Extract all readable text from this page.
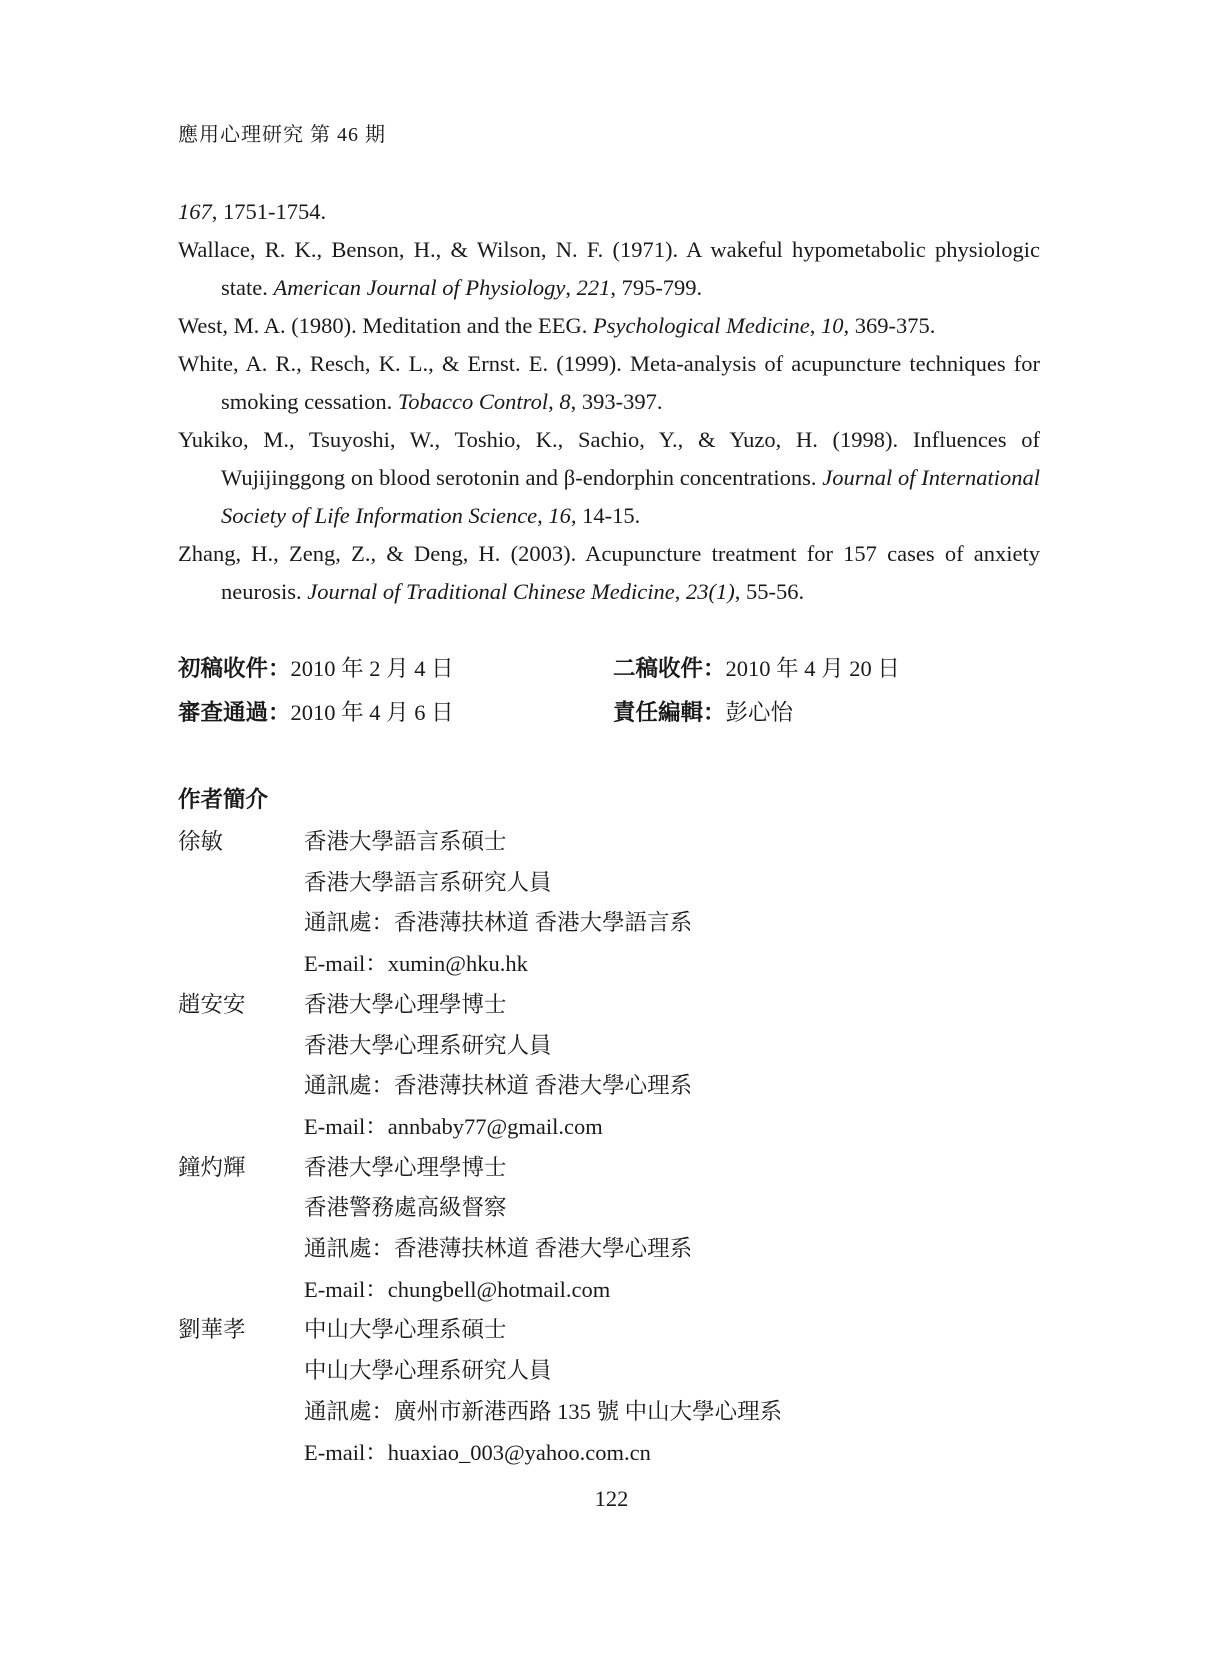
應用心理研究 第 46 期
167, 1751-1754.
Wallace, R. K., Benson, H., & Wilson, N. F. (1971). A wakeful hypometabolic physiologic state. American Journal of Physiology, 221, 795-799.
West, M. A. (1980). Meditation and the EEG. Psychological Medicine, 10, 369-375.
White, A. R., Resch, K. L., & Ernst. E. (1999). Meta-analysis of acupuncture techniques for smoking cessation. Tobacco Control, 8, 393-397.
Yukiko, M., Tsuyoshi, W., Toshio, K., Sachio, Y., & Yuzo, H. (1998). Influences of Wujijinggong on blood serotonin and β-endorphin concentrations. Journal of International Society of Life Information Science, 16, 14-15.
Zhang, H., Zeng, Z., & Deng, H. (2003). Acupuncture treatment for 157 cases of anxiety neurosis. Journal of Traditional Chinese Medicine, 23(1), 55-56.
初稿收件：2010 年 2 月 4 日	二稿收件：2010 年 4 月 20 日
審查通過：2010 年 4 月 6 日	責任編輯：彭心怡
作者簡介
徐敏	香港大學語言系碩士
香港大學語言系研究人員
通訊處：香港薄扶林道 香港大學語言系
E-mail：xumin@hku.hk
趙安安	香港大學心理學博士
香港大學心理系研究人員
通訊處：香港薄扶林道 香港大學心理系
E-mail：annbaby77@gmail.com
鐘灼輝	香港大學心理學博士
香港警務處高級督察
通訊處：香港薄扶林道 香港大學心理系
E-mail：chungbell@hotmail.com
劉華孝	中山大學心理系碩士
中山大學心理系研究人員
通訊處：廣州市新港西路 135 號 中山大學心理系
E-mail：huaxiao_003@yahoo.com.cn
122
